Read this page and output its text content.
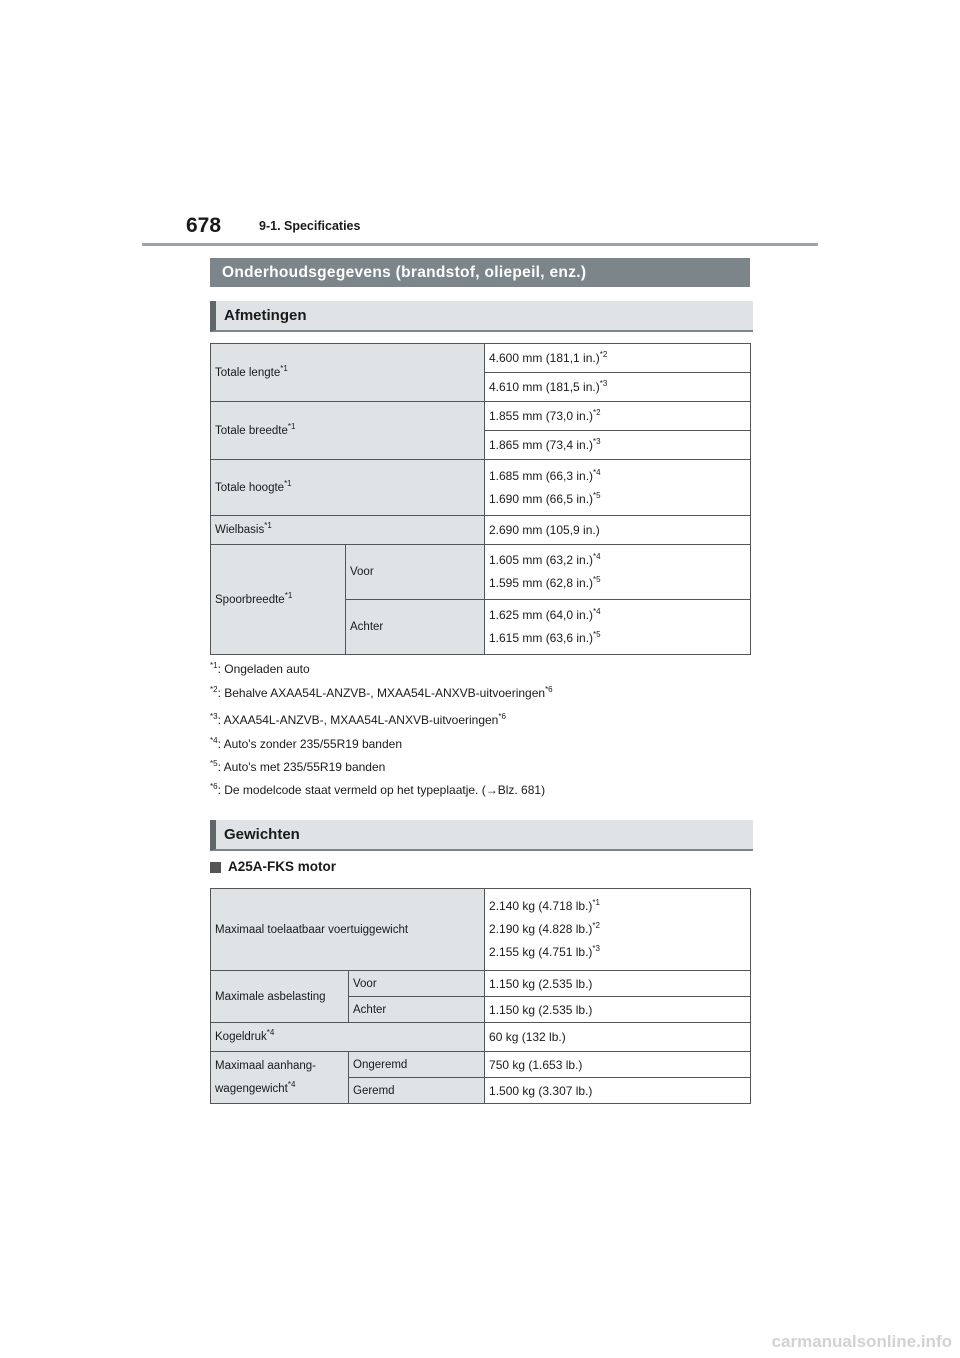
678	9-1. Specificaties
Onderhoudsgegevens (brandstof, oliepeil, enz.)
Afmetingen
Totale lengte$^{*1}$		4.600 mm (181,1 in.)$^{*2}$
		4.610 mm (181,5 in.)$^{*3}$
Totale breedte$^{*1}$		1.855 mm (73,0 in.)$^{*2}$
		1.865 mm (73,4 in.)$^{*3}$
Totale hoogte$^{*1}$		1.685 mm (66,3 in.)$^{*4}$
1.690 mm (66,5 in.)$^{*5}$

Wielbasis$^{*1}$		2.690 mm (105,9 in.)
Spoorbreedte$^{*1}$	Voor	1.605 mm (63,2 in.)$^{*4}$
1.595 mm (62,8 in.)$^{*5}$

	Achter	1.625 mm (64,0 in.)$^{*4}$
1.615 mm (63,6 in.)$^{*5}$
$^{*1}$: Ongeladen auto
$^{*2}$: Behalve AXAA54L-ANZVB-, MXAA54L-ANXVB-uitvoeringen$^{*6}$
$^{*3}$: AXAA54L-ANZVB-, MXAA54L-ANXVB-uitvoeringen$^{*6}$
$^{*4}$: Auto's zonder 235/55R19 banden
$^{*5}$: Auto's met 235/55R19 banden
$^{*6}$: De modelcode staat vermeld op het typeplaatje. (→Blz. 681)
Gewichten
A25A-FKS motor
Maximaal toelaatbaar voertuiggewicht		2.140 kg (4.718 lb.)$^{*1}$
2.190 kg (4.828 lb.)$^{*2}$
2.155 kg (4.751 lb.)$^{*3}$

Maximale asbelasting	Voor	1.150 kg (2.535 lb.)
	Achter	1.150 kg (2.535 lb.)
Kogeldruk$^{*4}$		60 kg (132 lb.)

Maximaal aanhang-
wagengewicht$^{*4}$	Ongeremd	750 kg (1.653 lb.)
	Geremd	1.500 kg (3.307 lb.)
carmanualsonline.info
